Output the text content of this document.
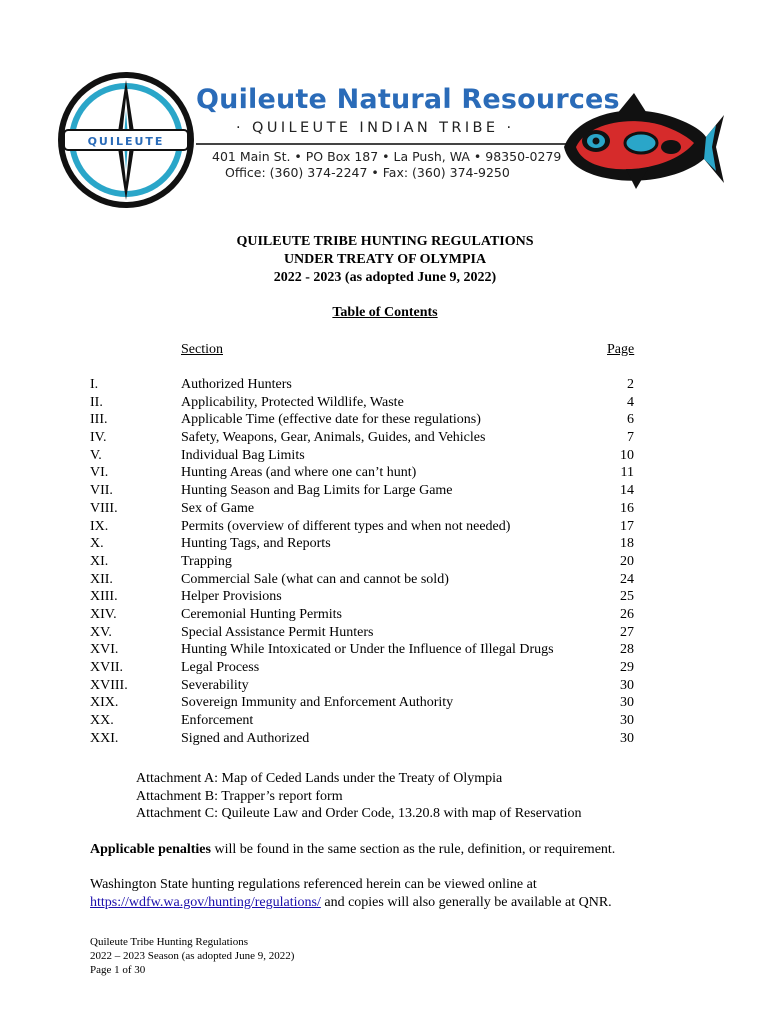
QUILEUTE
Quileute Natural Resources
· QUILEUTE INDIAN TRIBE ·
401 Main St. • PO Box 187 • La Push, WA • 98350-0279
Office: (360) 374-2247 • Fax: (360) 374-9250
QUILEUTE TRIBE HUNTING REGULATIONS
UNDER TREATY OF OLYMPIA
2022 - 2023 (as adopted June 9, 2022)
Table of Contents
Section	Page
I.	Authorized Hunters	2
II.	Applicability, Protected Wildlife, Waste	4
III.	Applicable Time (effective date for these regulations)	6
IV.	Safety, Weapons, Gear, Animals, Guides, and Vehicles	7
V.	Individual Bag Limits	10
VI.	Hunting Areas (and where one can’t hunt)	11
VII.	Hunting Season and Bag Limits for Large Game	14
VIII.	Sex of Game	16
IX.	Permits (overview of different types and when not needed)	17
X.	Hunting Tags, and Reports	18
XI.	Trapping	20
XII.	Commercial Sale (what can and cannot be sold)	24
XIII.	Helper Provisions	25
XIV.	Ceremonial Hunting Permits	26
XV.	Special Assistance Permit Hunters	27
XVI.	Hunting While Intoxicated or Under the Influence of Illegal Drugs	28
XVII.	Legal Process	29
XVIII.	Severability	30
XIX.	Sovereign Immunity and Enforcement Authority	30
XX.	Enforcement	30
XXI.	Signed and Authorized	30
Attachment A: Map of Ceded Lands under the Treaty of Olympia
Attachment B: Trapper’s report form
Attachment C: Quileute Law and Order Code, 13.20.8 with map of Reservation
Applicable penalties will be found in the same section as the rule, definition, or requirement.
Washington State hunting regulations referenced herein can be viewed online at
https://wdfw.wa.gov/hunting/regulations/ and copies will also generally be available at QNR.
Quileute Tribe Hunting Regulations
2022 – 2023 Season (as adopted June 9, 2022)
Page 1 of 30
